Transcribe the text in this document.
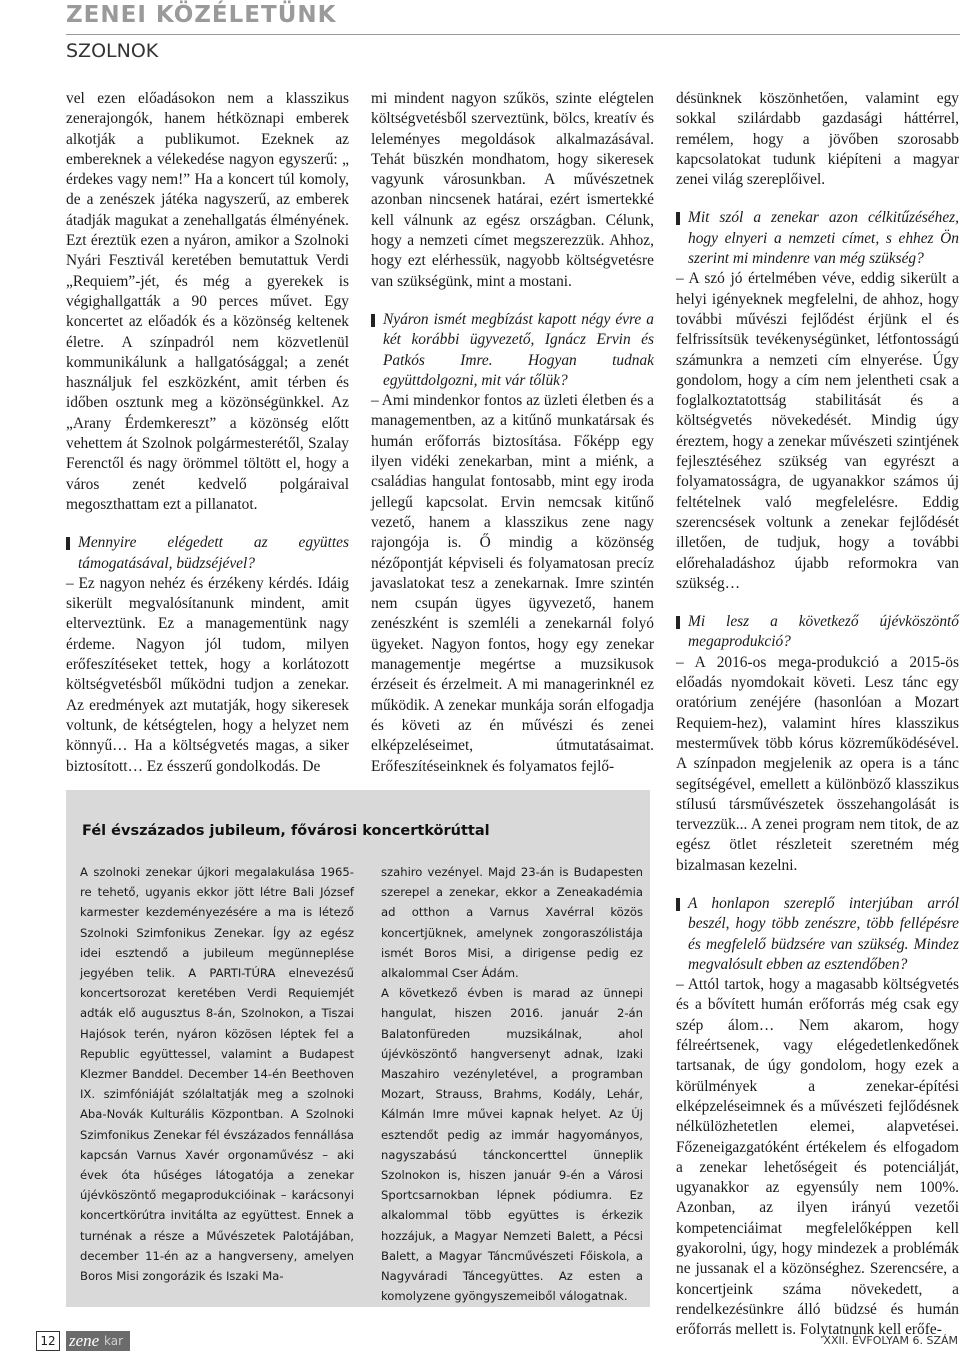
ZENEI KÖZÉLETÜNK
SZOLNOK

vel ezen előadásokon nem a klasszikus zenerajongók, hanem hétköznapi emberek alkotják a publikumot. Ezeknek az embereknek a vélekedése nagyon egyszerű: „ érdekes vagy nem!” Ha a koncert túl komoly, de a zenészek játéka nagyszerű, az emberek átadják magukat a zenehallgatás élményének. Ezt éreztük ezen a nyáron, amikor a Szolnoki Nyári Fesztivál keretében bemutattuk Verdi „Requiem”-jét, és még a gyerekek is végighallgatták a 90 perces művet. Egy koncertet az előadók és a közönség keltenek életre. A színpadról nem közvetlenül kommunikálunk a hallgatósággal; a zenét használjuk fel eszközként, amit térben és időben osztunk meg a közönségünkkel. Az „Arany Érdemkereszt” a közönség előtt vehettem át Szolnok polgármesterétől, Szalay Ferenctől és nagy örömmel töltött el, hogy a város zenét kedvelő polgáraival megoszthattam ezt a pillanatot.

Mennyire elégedett az együttes támogatásával, büdzséjével?

– Ez nagyon nehéz és érzékeny kérdés. Idáig sikerült megvalósítanunk mindent, amit elterveztünk. Ez a managementünk nagy érdeme. Nagyon jól tudom, milyen erőfeszítéseket tettek, hogy a korlátozott költségvetésből működni tudjon a zenekar. Az eredmények azt mutatják, hogy sikeresek voltunk, de kétségtelen, hogy a helyzet nem könnyű… Ha a költségvetés magas, a siker biztosított… Ez ésszerű gondolkodás. De

mi mindent nagyon szűkös, szinte elégtelen költségvetésből szerveztünk, bölcs, kreatív és leleményes megoldások alkalmazásával. Tehát büszkén mondhatom, hogy sikeresek vagyunk városunkban. A művészetnek azonban nincsenek határai, ezért ismertekké kell válnunk az egész országban. Célunk, hogy a nemzeti címet megszerezzük. Ahhoz, hogy ezt elérhessük, nagyobb költségvetésre van szükségünk, mint a mostani.

Nyáron ismét megbízást kapott négy évre a két korábbi ügyvezető, Ignácz Ervin és Patkós Imre. Hogyan tudnak együttdolgozni, mit vár tőlük?

– Ami mindenkor fontos az üzleti életben és a managementben, az a kitűnő munkatársak és humán erőforrás biztosítása. Főképp egy ilyen vidéki zenekarban, mint a miénk, a családias hangulat fontosabb, mint egy iroda jellegű kapcsolat. Ervin nemcsak kitűnő vezető, hanem a klasszikus zene nagy rajongója is. Ő mindig a közönség nézőpontját képviseli és folyamatosan precíz javaslatokat tesz a zenekarnak. Imre szintén nem csupán ügyes ügyvezető, hanem zenészként is szemléli a zenekarnál folyó ügyeket. Nagyon fontos, hogy egy zenekar managementje megértse a muzsikusok érzéseit és érzelmeit. A mi managerinknél ez működik. A zenekar munkája során elfogadja és követi az én művészi és zenei elképzeléseimet, útmutatásaimat. Erőfeszítéseinknek és folyamatos fejlő-

désünknek köszönhetően, valamint egy sokkal szilárdabb gazdasági háttérrel, remélem, hogy a jövőben szorosabb kapcsolatokat tudunk kiépíteni a magyar zenei világ szereplőivel.

Mit szól a zenekar azon célkitűzéséhez, hogy elnyeri a nemzeti címet, s ehhez Ön szerint mi mindenre van még szükség?

– A szó jó értelmében véve, eddig sikerült a helyi igényeknek megfelelni, de ahhoz, hogy további művészi fejlődést érjünk el és felfrissítsük tevékenységünket, létfontosságú számunkra a nemzeti cím elnyerése. Úgy gondolom, hogy a cím nem jelentheti csak a foglalkoztatottság stabilitását és a költségvetés növekedését. Mindig úgy éreztem, hogy a zenekar művészeti szintjének fejlesztéséhez szükség van egyrészt a folyamatosságra, de ugyanakkor számos új feltételnek való megfelelésre. Eddig szerencsések voltunk a zenekar fejlődését illetően, de tudjuk, hogy a további előrehaladáshoz újabb reformokra van szükség…

Mi lesz a következő újévköszöntő megaprodukció?

– A 2016-os mega-produkció a 2015-ös előadás nyomdokait követi. Lesz tánc egy oratórium zenéjére (hasonlóan a Mozart Requiem-hez), valamint híres klasszikus mesterművek több kórus közreműködésével. A színpadon megjelenik az opera is a tánc segítségével, emellett a különböző klasszikus stílusú társművészetek összehangolását is tervezzük... A zenei program nem titok, de az egész ötlet részleteit szeretném még bizalmasan kezelni.

A honlapon szereplő interjúban arról beszél, hogy több zenészre, több fellépésre és megfelelő büdzsére van szükség. Mindez megvalósult ebben az esztendőben?

– Attól tartok, hogy a magasabb költségvetés és a bővített humán erőforrás még csak egy szép álom… Nem akarom, hogy félreértsenek, vagy elégedetlenkedőnek tartsanak, de úgy gondolom, hogy ezek a körülmények a zenekar-építési elképzeléseimnek és a művészeti fejlődésnek nélkülözhetetlen elemei, alapvetései. Főzeneigazgatóként értékelem és elfogadom a zenekar lehetőségeit és potenciálját, ugyanakkor az egyensúly nem 100%. Azonban, az ilyen irányú vezetői kompetenciáimat megfelelőképpen kell gyakorolni, úgy, hogy mindezek a problémák ne jussanak el a közönséghez. Szerencsére, a koncertjeink száma növekedett, a rendelkezésünkre álló büdzsé és humán erőforrás mellett is. Folytatnunk kell erőfe-

Fél évszázados jubileum, fővárosi koncertkörúttal

A szolnoki zenekar újkori megalakulása 1965-re tehető, ugyanis ekkor jött létre Bali József karmester kezdeményezésére a ma is létező Szolnoki Szimfonikus Zenekar. Így az egész idei esztendő a jubileum megünneplése jegyében telik. A PARTI-TÚRA elnevezésű koncertsorozat keretében Verdi Requiemjét adták elő augusztus 8-án, Szolnokon, a Tiszai Hajósok terén, nyáron közösen léptek fel a Republic együttessel, valamint a Budapest Klezmer Banddel. December 14-én Beethoven IX. szimfóniáját szólaltatják meg a szolnoki Aba-Novák Kulturális Központban. A Szolnoki Szimfonikus Zenekar fél évszázados fennállása kapcsán Varnus Xavér orgonaművész – aki évek óta hűséges látogatója a zenekar újévköszöntő megaprodukcióinak – karácsonyi koncertkörútra invitálta az együttest. Ennek a turnénak a része a Művészetek Palotájában, december 11-én az a hangverseny, amelyen Boros Misi zongorázik és Iszaki Ma-

szahiro vezényel. Majd 23-án is Budapesten szerepel a zenekar, ekkor a Zeneakadémia ad otthon a Varnus Xavérral közös koncertjüknek, amelynek zongoraszólistája ismét Boros Misi, a dirigense pedig ez alkalommal Cser Ádám.

A következő évben is marad az ünnepi hangulat, hiszen 2016. január 2-án Balatonfüreden muzsikálnak, ahol újévköszöntő hangversenyt adnak, Izaki Maszahiro vezényletével, a programban Mozart, Strauss, Brahms, Kodály, Lehár, Kálmán Imre művei kapnak helyet. Az Új esztendőt pedig az immár hagyományos, nagyszabású tánckoncerttel ünneplik Szolnokon is, hiszen január 9-én a Városi Sportcsarnokban lépnek pódiumra. Ez alkalommal több együttes is érkezik hozzájuk, a Magyar Nemzeti Balett, a Pécsi Balett, a Magyar Táncművészeti Főiskola, a Nagyváradi Táncegyüttes. Az esten a komolyzene gyöngyszemeiből válogatnak.

12 zene kar	XXII. ÉVFOLYAM 6. SZÁM
